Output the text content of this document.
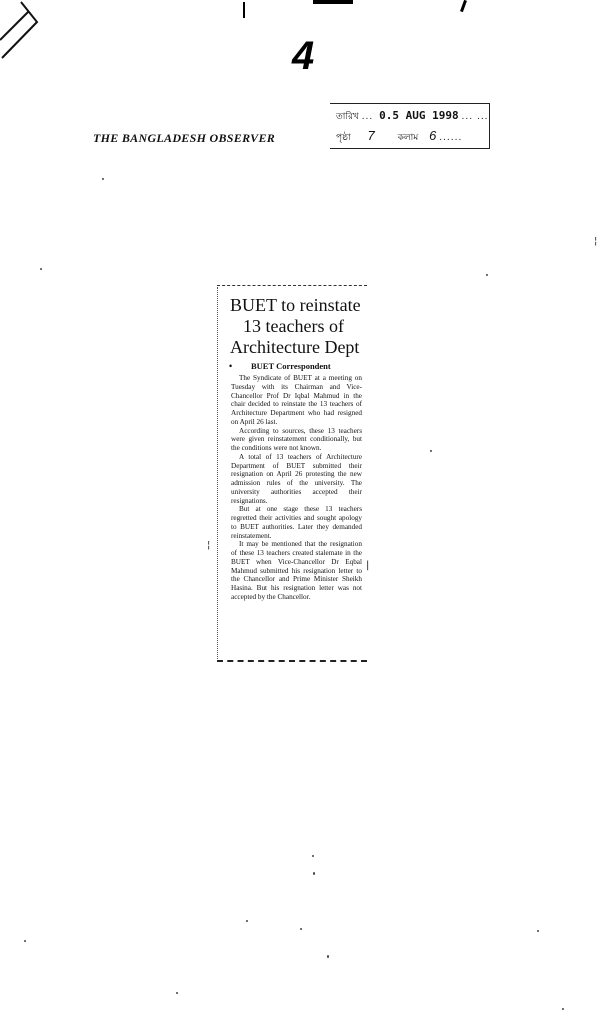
4
THE BANGLADESH OBSERVER
তারিখ ... 0.5 AUG 1998 ... ...
পৃষ্ঠা 7	কলাম 6 ......
BUET to reinstate
13 teachers of
Architecture Dept
• BUET Correspondent

The Syndicate of BUET at a meeting on Tuesday with its Chairman and Vice-Chancellor Prof Dr Iqbal Mahmud in the chair decided to reinstate the 13 teachers of Architecture Department who had resigned on April 26 last.

According to sources, these 13 teachers were given reinstatement conditionally, but the conditions were not known.

A total of 13 teachers of Architecture Department of BUET submitted their resignation on April 26 protesting the new admission rules of the university. The university authorities accepted their resignations.

But at one stage these 13 teachers regretted their activities and sought apology to BUET authorities. Later they demanded reinstatement.

It may be mentioned that the resignation of these 13 teachers created stalemate in the BUET when Vice-Chancellor Dr Eqbal Mahmud submitted his resignation letter to the Chancellor and Prime Minister Sheikh Hasina. But his resignation letter was not accepted by the Chancellor.

¦
¦
|
